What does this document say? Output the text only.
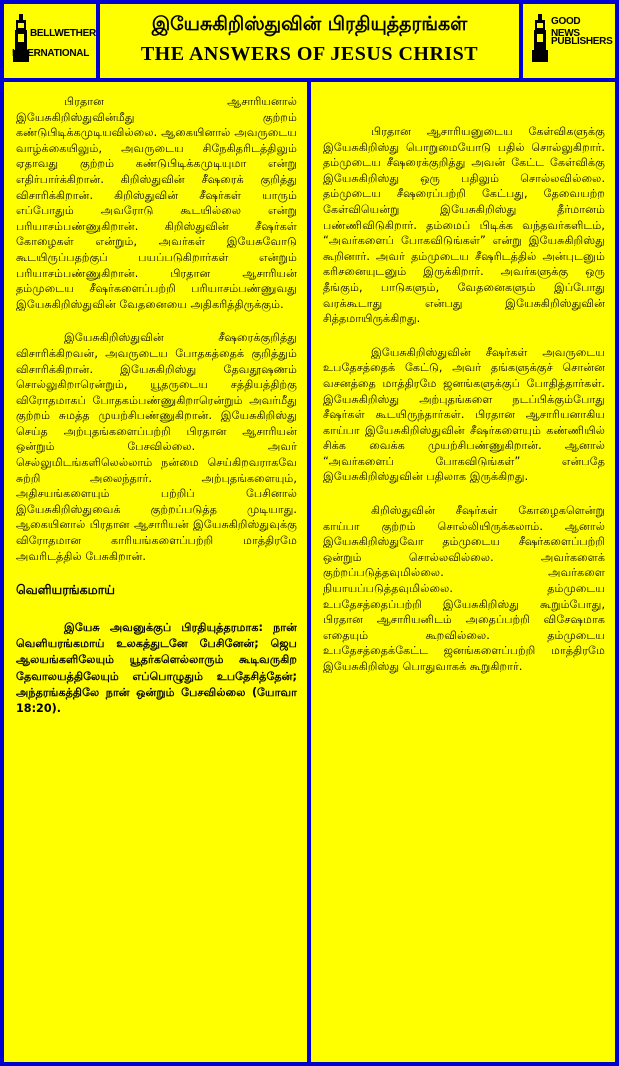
BELLWETHER
INTERNATIONAL
இயேசுகிறிஸ்துவின் பிரதியுத்தரங்கள்
THE ANSWERS OF JESUS CHRIST
GOOD NEWS
PUBLISHERS

பிரதான ஆசாரியனால் இயேசுகிறிஸ்துவின்மீது குற்றம் கண்டுபிடிக்கமுடியவில்லை. ஆகையினால் அவருடைய வாழ்க்கையிலும், அவருடைய சிநேகிதரிடத்திலும் ஏதாவது குற்றம் கண்டுபிடிக்கமுடியுமா என்று எதிர்பார்க்கிறான். கிறிஸ்துவின் சீஷரைக் குறித்து விசாரிக்கிறான். கிறிஸ்துவின் சீஷர்கள் யாரும் எப்போதும் அவரோடு கூடயில்லை என்று பரியாசம்பண்ணுகிறான். கிறிஸ்துவின் சீஷர்கள் கோழைகள் என்றும், அவர்கள் இயேசுவோடு கூடயிருப்பதற்குப் பயப்படுகிறார்கள் என்றும் பரியாசம்பண்ணுகிறான். பிரதான ஆசாரியன் தம்முடைய சீஷர்களைப்பற்றி பரியாசம்பண்ணுவது இயேசுகிறிஸ்துவின் வேதனையை அதிகரித்திருக்கும்.

இயேசுகிறிஸ்துவின் சீஷரைக்குறித்து விசாரிக்கிறவன், அவருடைய போதகத்தைக் குறித்தும் விசாரிக்கிறான். இயேசுகிறிஸ்து தேவதூஷணம் சொல்லுகிறாரென்றும், யூதருடைய சத்தியத்திற்கு விரோதமாகப் போதகம்பண்ணுகிறாரென்றும் அவர்மீது குற்றம் சுமத்த முயற்சிபண்ணுகிறான். இயேசுகிறிஸ்து செய்த அற்புதங்களைப்பற்றி பிரதான ஆசாரியன் ஒன்றும் பேசவில்லை. அவர் செல்லுமிடங்களிலெல்லாம் நன்மை செய்கிறவராகவே சுற்றி அலைந்தார். அற்புதங்களையும், அதிசயங்களையும் பற்றிப் பேசினால் இயேசுகிறிஸ்துவைக் குற்றப்படுத்த முடியாது. ஆகையினால் பிரதான ஆசாரியன் இயேசுகிறிஸ்துவுக்கு விரோதமான காரியங்களைப்பற்றி மாத்திரமே அவரிடத்தில் பேசுகிறான்.

வெளியரங்கமாய்

இயேசு அவனுக்குப் பிரதியுத்தரமாக: நான் வெளியரங்கமாய் உலகத்துடனே பேசினேன்; ஜெப ஆலயங்களிலேயும் யூதர்களெல்லாரும் கூடிவருகிற தேவாலயத்திலேயும் எப்பொழுதும் உபதேசித்தேன்; அந்தரங்கத்திலே நான் ஒன்றும் பேசவில்லை (யோவா 18:20).

பிரதான ஆசாரியனுடைய கேள்விகளுக்கு இயேசுகிறிஸ்து பொறுமையோடு பதில் சொல்லுகிறார். தம்முடைய சீஷரைக்குறித்து அவன் கேட்ட கேள்விக்கு இயேசுகிறிஸ்து ஒரு பதிலும் சொல்லவில்லை. தம்முடைய சீஷரைப்பற்றி கேட்பது, தேவையற்ற கேள்வியென்று இயேசுகிறிஸ்து தீர்மானம் பண்ணிவிடுகிறார். தம்மைப் பிடிக்க வந்தவர்களிடம், “அவர்களைப் போகவிடுங்கள்” என்று இயேசுகிறிஸ்து கூறினார். அவர் தம்முடைய சீஷரிடத்தில் அன்புடனும் கரிசனையுடனும் இருக்கிறார். அவர்களுக்கு ஒரு தீங்கும், பாடுகளும், வேதனைகளும் இப்போது வரக்கூடாது என்பது இயேசுகிறிஸ்துவின் சித்தமாயிருக்கிறது.

இயேசுகிறிஸ்துவின் சீஷர்கள் அவருடைய உபதேசத்தைக் கேட்டு, அவர் தங்களுக்குச் சொன்ன வசனத்தை மாத்திரமே ஜனங்களுக்குப் போதித்தார்கள். இயேசுகிறிஸ்து அற்புதங்களை நடப்பிக்கும்போது சீஷர்கள் கூடயிருந்தார்கள். பிரதான ஆசாரியனாகிய காய்பா இயேசுகிறிஸ்துவின் சீஷர்களையும் கண்ணியில் சிக்க வைக்க முயற்சிபண்ணுகிறான். ஆனால் “அவர்களைப் போகவிடுங்கள்” என்பதே இயேசுகிறிஸ்துவின் பதிலாக இருக்கிறது.

கிறிஸ்துவின் சீஷர்கள் கோழைகளென்று காய்பா குற்றம் சொல்லியிருக்கலாம். ஆனால் இயேசுகிறிஸ்துவோ தம்முடைய சீஷர்களைப்பற்றி ஒன்றும் சொல்லவில்லை. அவர்களைக் குற்றப்படுத்தவுமில்லை. அவர்களை நியாயப்படுத்தவுமில்லை. தம்முடைய உபதேசத்தைப்பற்றி இயேசுகிறிஸ்து கூறும்போது, பிரதான ஆசாரியனிடம் அதைப்பற்றி விசேஷமாக எதையும் கூறவில்லை. தம்முடைய உபதேசத்தைக்கேட்ட ஜனங்களைப்பற்றி மாத்திரமே இயேசுகிறிஸ்து பொதுவாகக் கூறுகிறார்.
